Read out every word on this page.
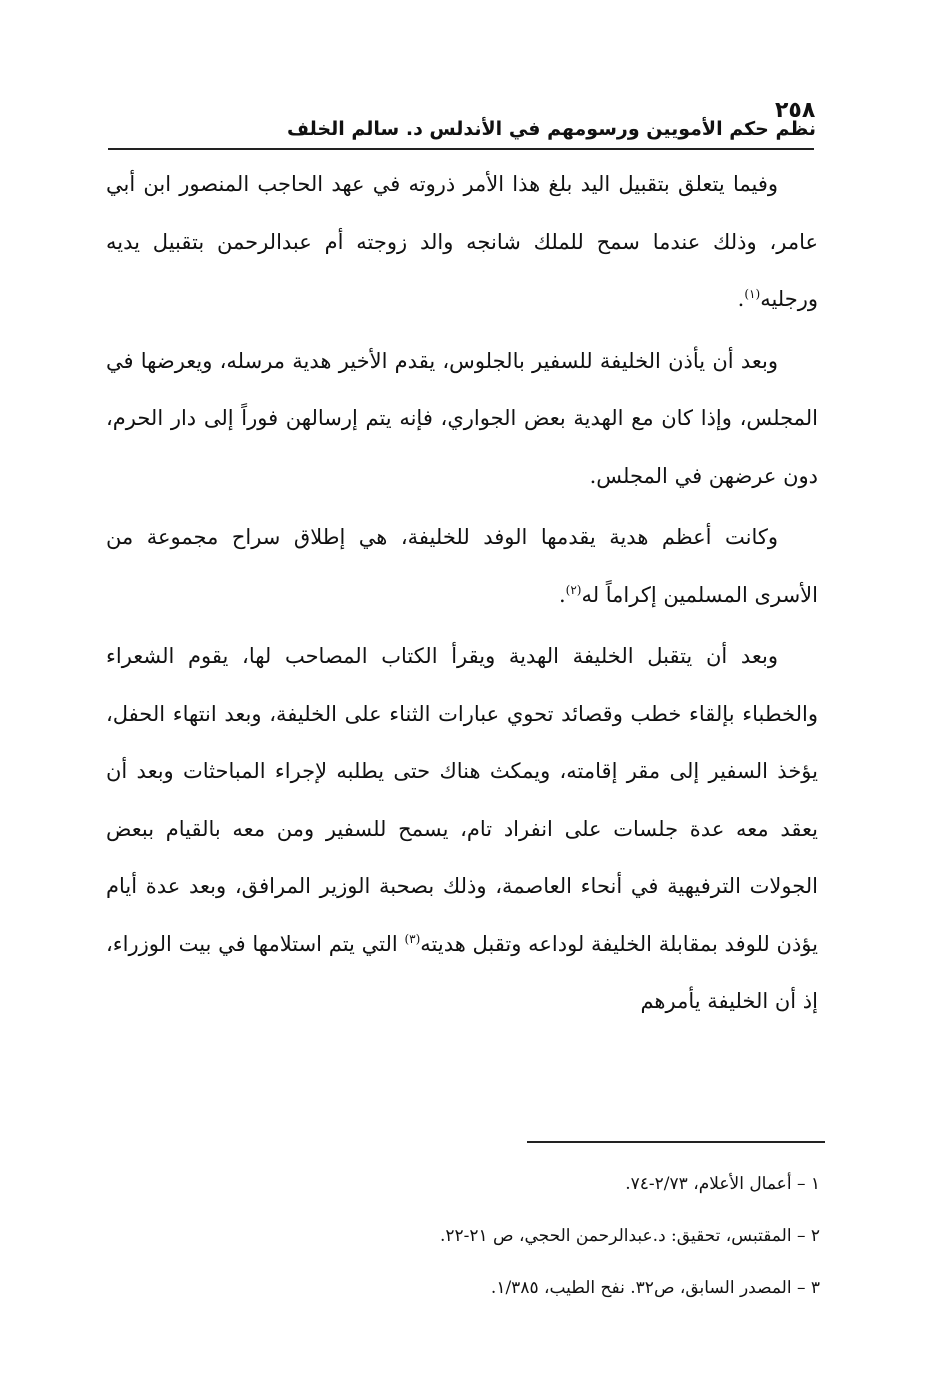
٢٥٨
نظم حكم الأمويين ورسومهم في الأندلس د. سالم الخلف

وفيما يتعلق بتقبيل اليد بلغ هذا الأمر ذروته في عهد الحاجب المنصور ابن أبي عامر، وذلك عندما سمح للملك شانجه والد زوجته أم عبدالرحمن بتقبيل يديه ورجليه$^{(١)}$.

وبعد أن يأذن الخليفة للسفير بالجلوس، يقدم الأخير هدية مرسله، ويعرضها في المجلس، وإذا كان مع الهدية بعض الجواري، فإنه يتم إرسالهن فوراً إلى دار الحرم، دون عرضهن في المجلس.

وكانت أعظم هدية يقدمها الوفد للخليفة، هي إطلاق سراح مجموعة من الأسرى المسلمين إكراماً له$^{(٢)}$.

وبعد أن يتقبل الخليفة الهدية ويقرأ الكتاب المصاحب لها، يقوم الشعراء والخطباء بإلقاء خطب وقصائد تحوي عبارات الثناء على الخليفة، وبعد انتهاء الحفل، يؤخذ السفير إلى مقر إقامته، ويمكث هناك حتى يطلبه لإجراء المباحثات وبعد أن يعقد معه عدة جلسات على انفراد تام، يسمح للسفير ومن معه بالقيام ببعض الجولات الترفيهية في أنحاء العاصمة، وذلك بصحبة الوزير المرافق، وبعد عدة أيام يؤذن للوفد بمقابلة الخليفة لوداعه وتقبل هديته$^{(٣)}$ التي يتم استلامها في بيت الوزراء، إذ أن الخليفة يأمرهم

١ – أعمال الأعلام، ٢/٧٣-٧٤.

٢ – المقتبس، تحقيق: د.عبدالرحمن الحجي، ص ٢١-٢٢.

٣ – المصدر السابق، ص٣٢. نفح الطيب، ١/٣٨٥.
